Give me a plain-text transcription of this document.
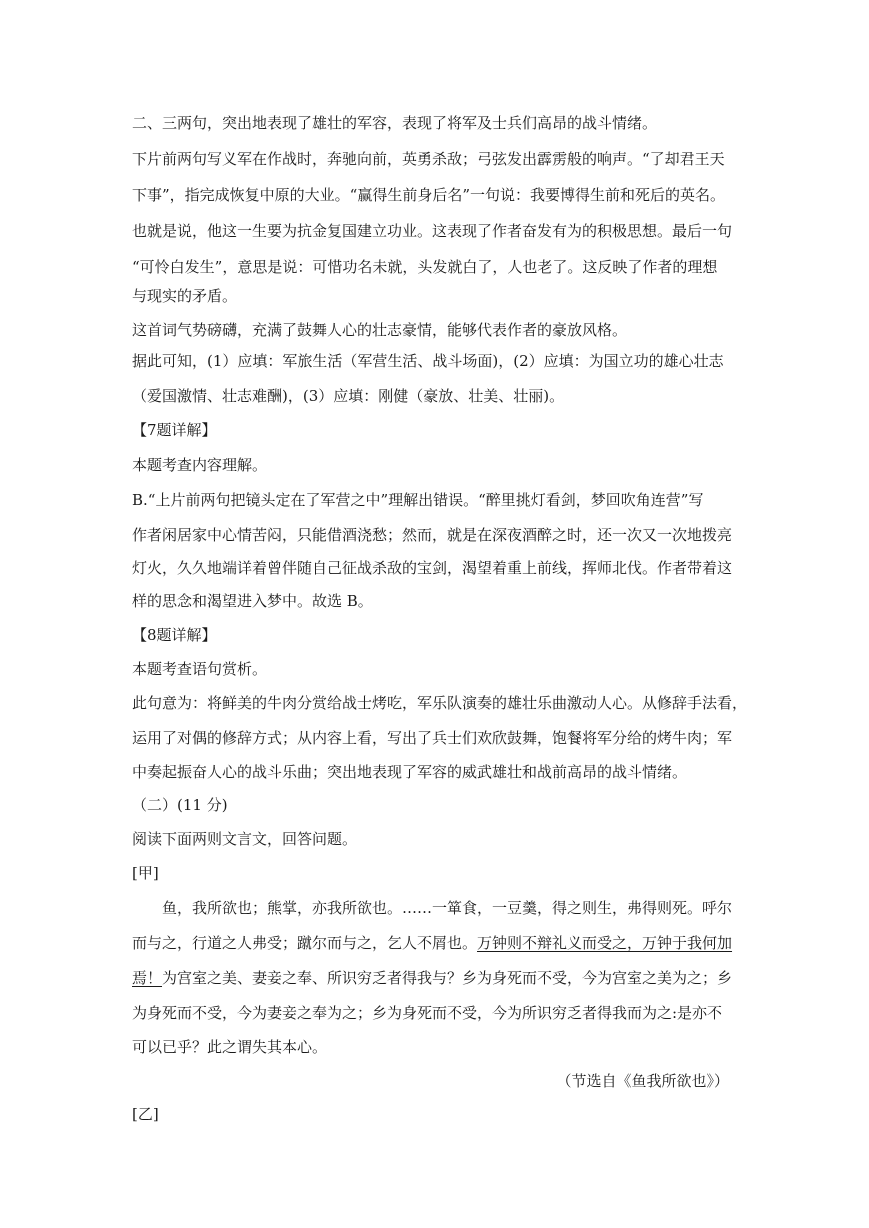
二、三两句，突出地表现了雄壮的军容，表现了将军及士兵们高昂的战斗情绪。
下片前两句写义军在作战时，奔驰向前，英勇杀敌；弓弦发出霹雳般的响声。“了却君王天
下事”，指完成恢复中原的大业。“赢得生前身后名”一句说：我要博得生前和死后的英名。
也就是说，他这一生要为抗金复国建立功业。这表现了作者奋发有为的积极思想。最后一句
“可怜白发生”，意思是说：可惜功名未就，头发就白了，人也老了。这反映了作者的理想
与现实的矛盾。
这首词气势磅礴，充满了鼓舞人心的壮志豪情，能够代表作者的豪放风格。
据此可知，(1）应填：军旅生活（军营生活、战斗场面)，(2）应填：为国立功的雄心壮志
（爱国激情、壮志难酬)，(3）应填：刚健（豪放、壮美、壮丽)。
【7题详解】
本题考查内容理解。
B.“上片前两句把镜头定在了军营之中”理解出错误。“醉里挑灯看剑，梦回吹角连营”写
作者闲居家中心情苦闷，只能借酒浇愁；然而，就是在深夜酒醉之时，还一次又一次地拨亮
灯火，久久地端详着曾伴随自己征战杀敌的宝剑，渴望着重上前线，挥师北伐。作者带着这
样的思念和渴望进入梦中。故选 B。
【8题详解】
本题考查语句赏析。
此句意为：将鲜美的牛肉分赏给战士烤吃，军乐队演奏的雄壮乐曲激动人心。从修辞手法看，
运用了对偶的修辞方式；从内容上看，写出了兵士们欢欣鼓舞，饱餐将军分给的烤牛肉；军
中奏起振奋人心的战斗乐曲；突出地表现了军容的威武雄壮和战前高昂的战斗情绪。
（二）(11 分)
阅读下面两则文言文，回答问题。
[甲]
鱼，我所欲也；熊掌，亦我所欲也。……一箪食，一豆羹，得之则生，弗得则死。呼尔
而与之，行道之人弗受；蹴尔而与之，乞人不屑也。万钟则不辩礼义而受之，万钟于我何加
焉！为宫室之美、妻妾之奉、所识穷乏者得我与？乡为身死而不受，今为宫室之美为之；乡
为身死而不受，今为妻妾之奉为之；乡为身死而不受，今为所识穷乏者得我而为之:是亦不
可以已乎？此之谓失其本心。
（节选自《鱼我所欲也》）
[乙]
